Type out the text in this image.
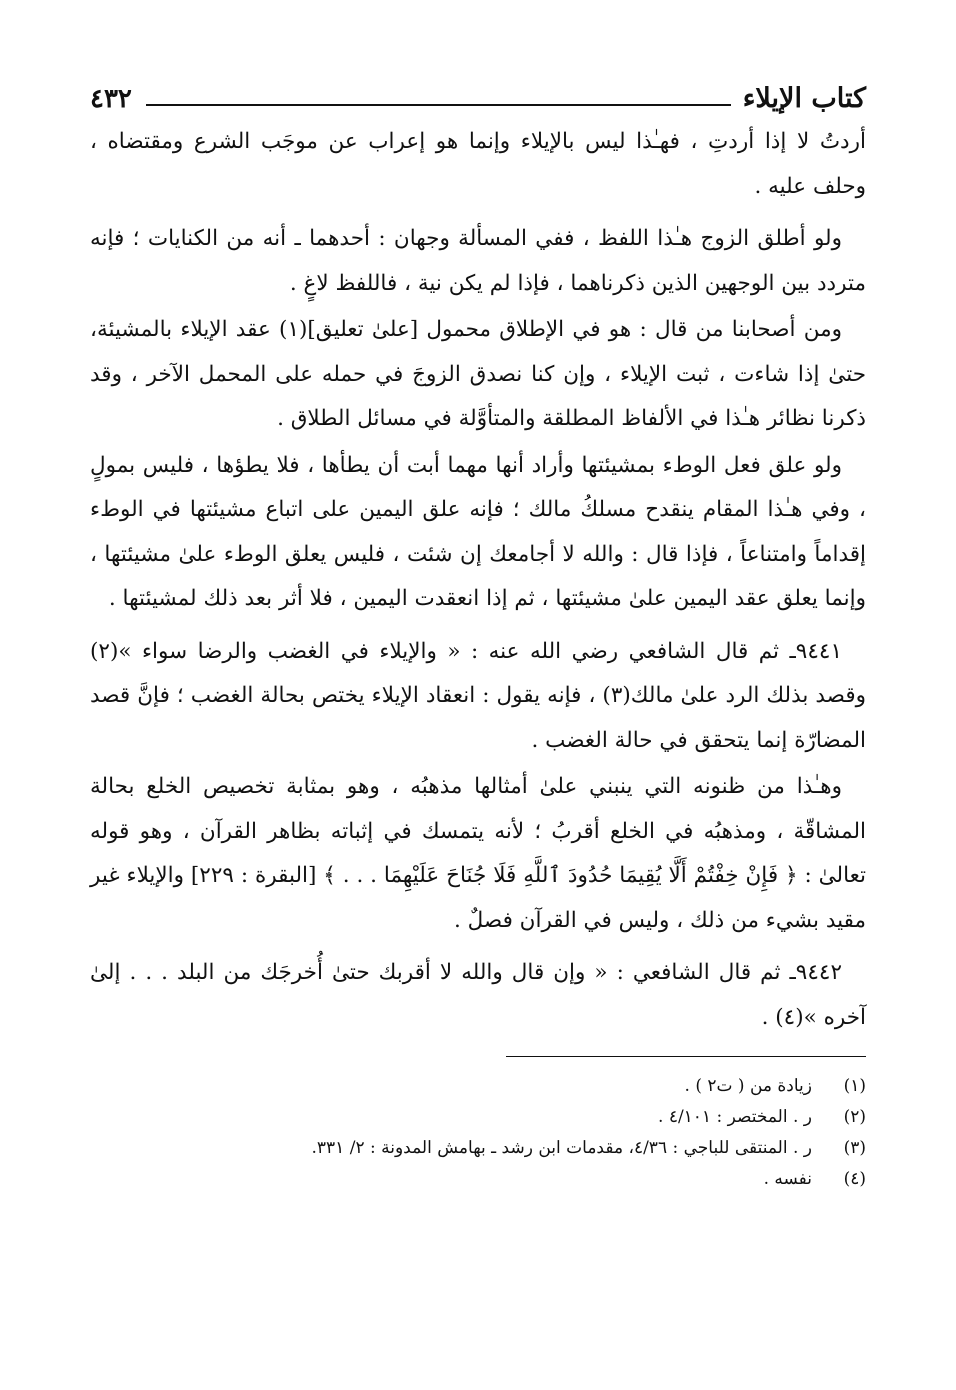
كتاب الإيلاء
٤٣٢

أردتُ لا إذا أردتِ ، فهـٰذا ليس بالإيلاء وإنما هو إعراب عن موجَب الشرع ومقتضاه ، وحلف عليه .

ولو أطلق الزوج هـٰذا اللفظ ، ففي المسألة وجهان : أحدهما ـ أنه من الكنايات ؛ فإنه متردد بين الوجهين الذين ذكرناهما ، فإذا لم يكن نية ، فاللفظ لاغٍ .

ومن أصحابنا من قال : هو في الإطلاق محمول [علىٰ تعليق](١) عقد الإيلاء بالمشيئة، حتىٰ إذا شاءت ، ثبت الإيلاء ، وإن كنا نصدق الزوجَ في حمله على المحمل الآخر ، وقد ذكرنا نظائر هـٰذا في الألفاظ المطلقة والمتأوَّلة في مسائل الطلاق .

ولو علق فعل الوطء بمشيئتها وأراد أنها مهما أبت أن يطأها ، فلا يطؤها ، فليس بمولٍ ، وفي هـٰذا المقام ينقدح مسلكُ مالك ؛ فإنه علق اليمين على اتباع مشيئتها في الوطء إقداماً وامتناعاً ، فإذا قال : والله لا أجامعك إن شئت ، فليس يعلق الوطء علىٰ مشيئتها ، وإنما يعلق عقد اليمين علىٰ مشيئتها ، ثم إذا انعقدت اليمين ، فلا أثر بعد ذلك لمشيئتها .

٩٤٤١ـ ثم قال الشافعي رضي الله عنه : « والإيلاء في الغضب والرضا سواء »(٢) وقصد بذلك الرد علىٰ مالك(٣) ، فإنه يقول : انعقاد الإيلاء يختص بحالة الغضب ؛ فإنَّ قصد المضارّة إنما يتحقق في حالة الغضب .

وهـٰذا من ظنونه التي ينبني علىٰ أمثالها مذهبُه ، وهو بمثابة تخصيص الخلع بحالة المشاقّة ، ومذهبُه في الخلع أقربُ ؛ لأنه يتمسك في إثباته بظاهر القرآن ، وهو قوله تعالىٰ : ﴿ فَإِنْ خِفْتُمْ أَلَّا يُقِيمَا حُدُودَ ٱللَّهِ فَلَا جُنَاحَ عَلَيْهِمَا . . . ﴾ [البقرة : ٢٢٩] والإيلاء غير مقيد بشيء من ذلك ، وليس في القرآن فصلٌ .

٩٤٤٢ـ ثم قال الشافعي : « وإن قال والله لا أقربك حتىٰ أُخرجَك من البلد . . . إلىٰ آخره »(٤) .

(١)
زيادة من ( ت٢ ) .
(٢)
ر . المختصر : ٤/١٠١ .
(٣)
ر . المنتقى للباجي : ٤/٣٦، مقدمات ابن رشد ـ بهامش المدونة : ٢/ ٣٣١.
(٤)
نفسه .
